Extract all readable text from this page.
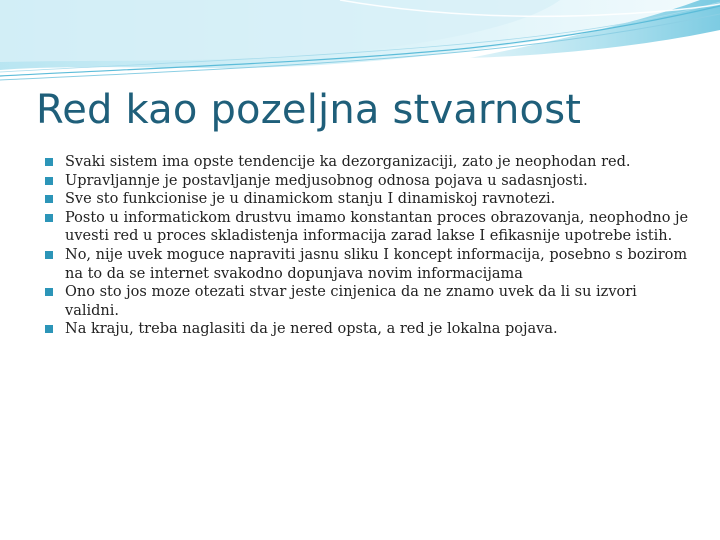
Red kao pozeljna stvarnost
Svaki sistem ima opste tendencije ka dezorganizaciji, zato je neophodan red.
Upravljannje je postavljanje medjusobnog odnosa pojava u sadasnjosti.
Sve sto funkcionise je u dinamickom stanju I dinamiskoj ravnotezi.
Posto u informatickom drustvu imamo konstantan proces obrazovanja, neophodno je uvesti red u proces skladistenja informacija zarad lakse I efikasnije upotrebe istih.
No, nije uvek moguce napraviti jasnu sliku I koncept informacija, posebno s bozirom na to da se internet svakodno dopunjava novim informacijama
Ono sto jos moze otezati stvar jeste cinjenica da ne znamo uvek da li su izvori validni.
Na kraju, treba naglasiti da je nered opsta, a red je lokalna pojava.
